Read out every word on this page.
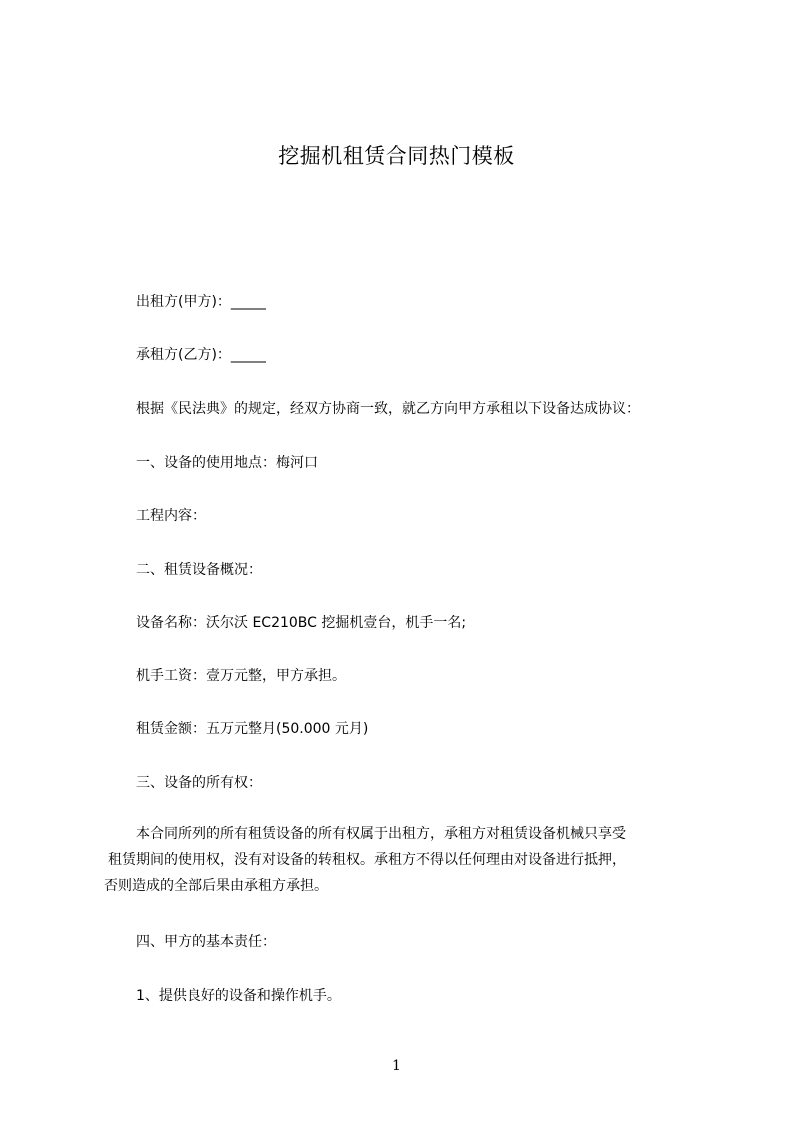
挖掘机租赁合同热门模板
出租方(甲方)：_____
承租方(乙方)：_____
根据《民法典》的规定，经双方协商一致，就乙方向甲方承租以下设备达成协议：
一、设备的使用地点：梅河口
工程内容：
二、租赁设备概况：
设备名称：沃尔沃 EC210BC 挖掘机壹台，机手一名;
机手工资：壹万元整，甲方承担。
租赁金额：五万元整月(50.000 元月)
三、设备的所有权：
本合同所列的所有租赁设备的所有权属于出租方，承租方对租赁设备机械只享受
租赁期间的使用权，没有对设备的转租权。承租方不得以任何理由对设备进行抵押，
否则造成的全部后果由承租方承担。
四、甲方的基本责任：
1、提供良好的设备和操作机手。
1
